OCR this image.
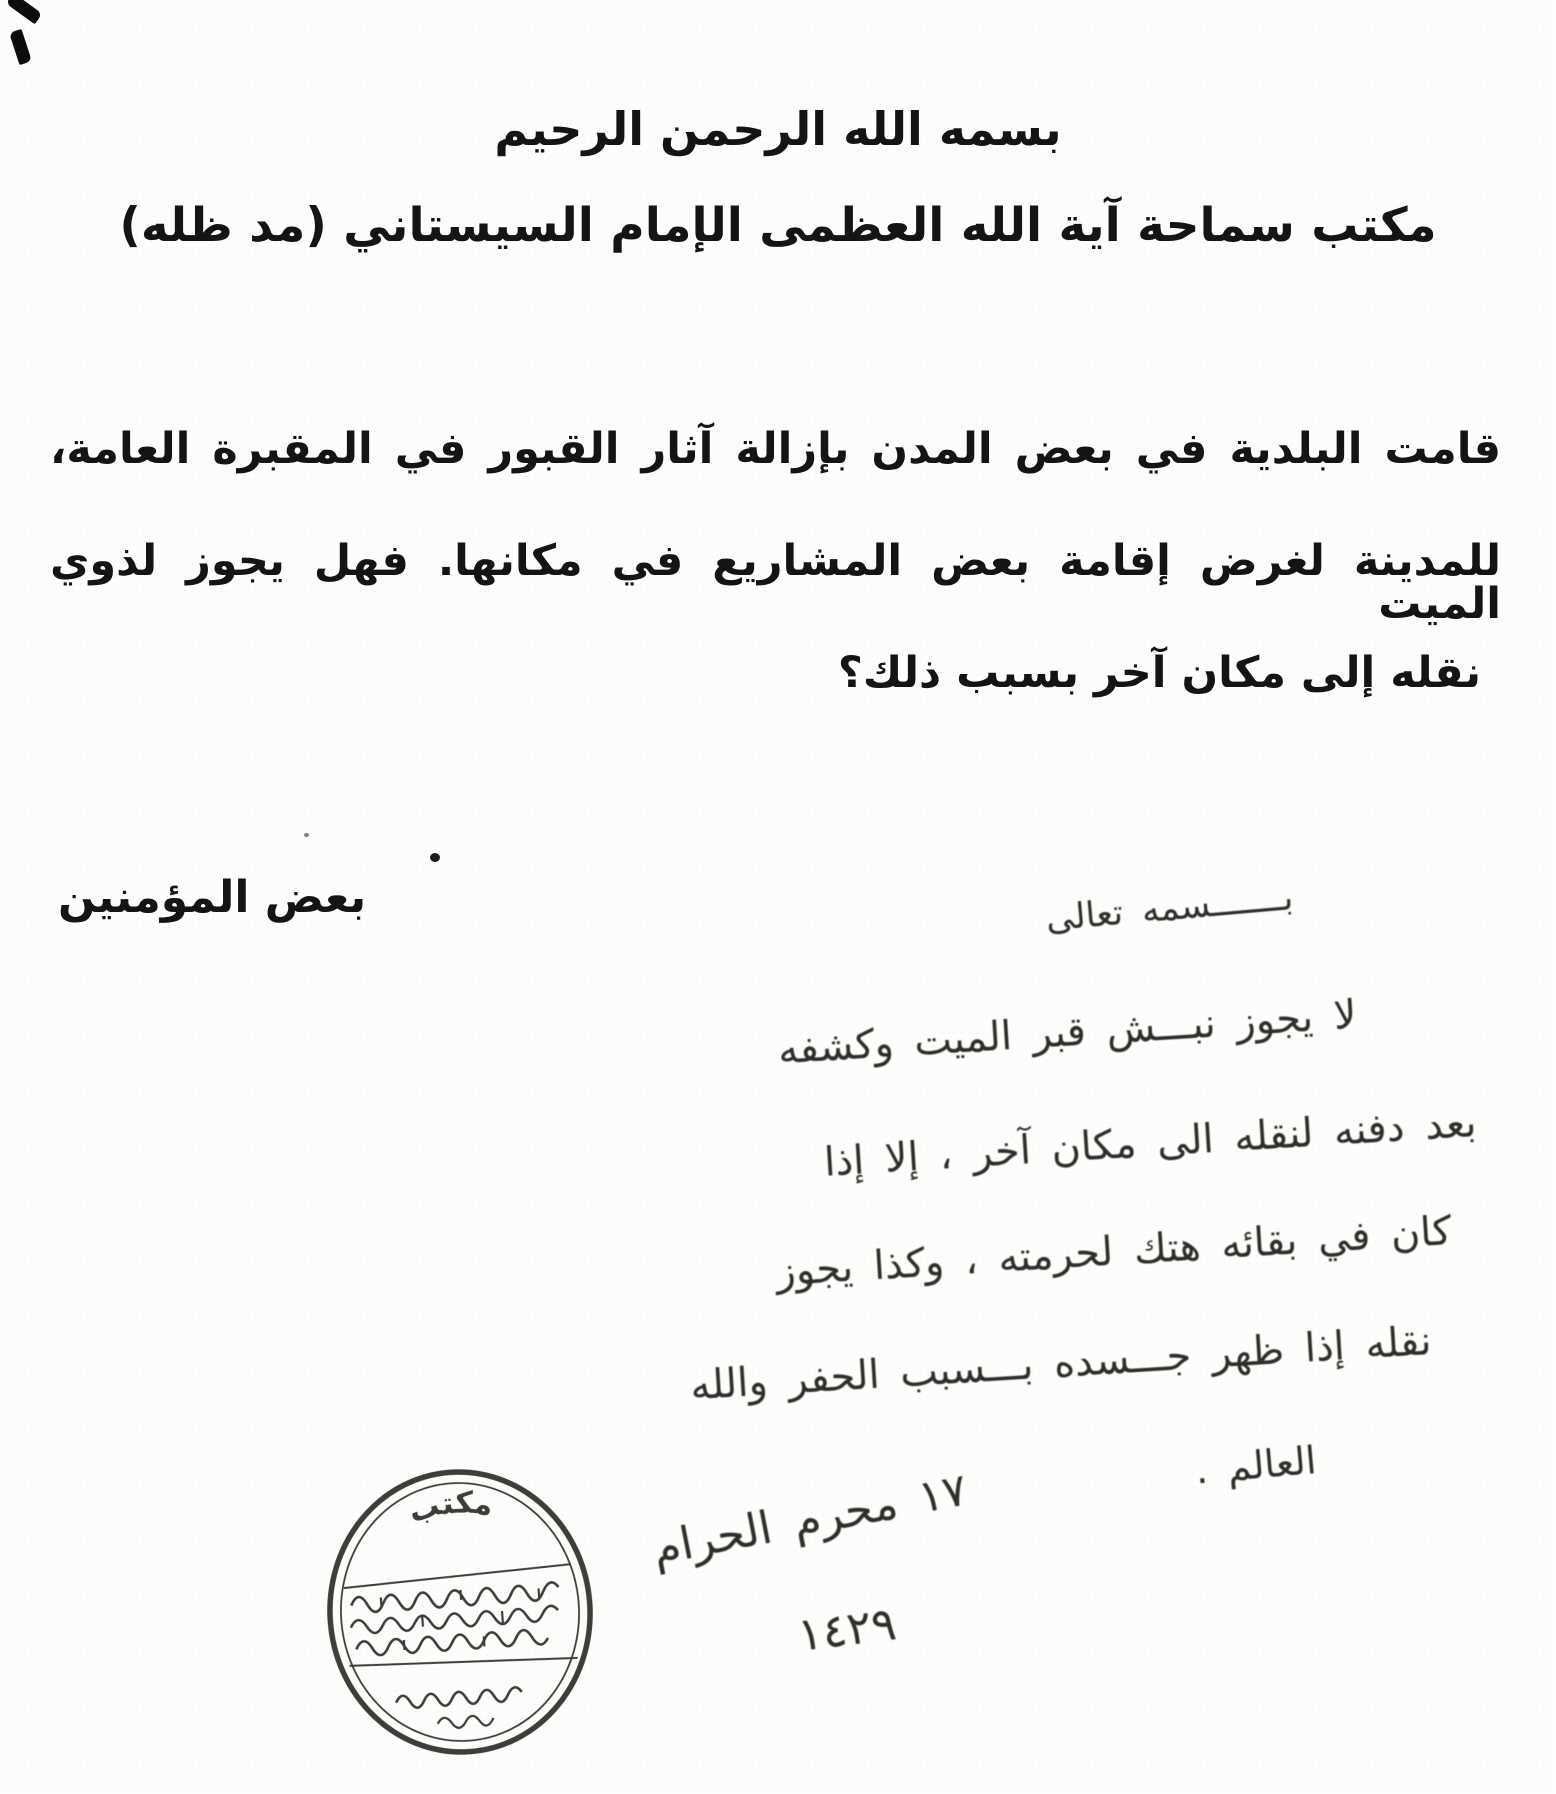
بسمه الله الرحمن الرحيم
مكتب سماحة آية الله العظمى الإمام السيستاني (مد ظله)
قامت البلدية في بعض المدن بإزالة آثار القبور في المقبرة العامة،
للمدينة لغرض إقامة بعض المشاريع في مكانها. فهل يجوز لذوي الميت
نقله إلى مكان آخر بسبب ذلك؟
بعض المؤمنين	بـــــــسمه تعالى
لا يجوز نبـــش قبر الميت وكشفه
بعد دفنه لنقله الى مكان آخر ، إلا إذا
كان في بقائه هتك لحرمته ، وكذا يجوز
نقله إذا ظهر جـــسده بـــسبب الحفر والله
العالم .
١٧ محرم الحرام
١٤٢٩
مكتب
